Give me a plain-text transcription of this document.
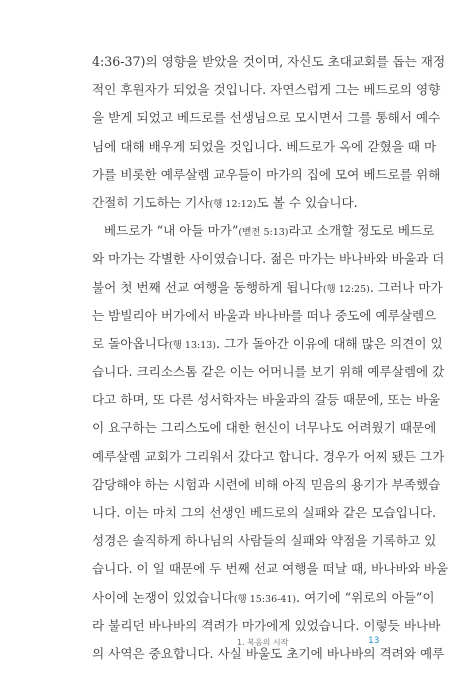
4:36-37)의 영향을 받았을 것이며, 자신도 초대교회를 돕는 재정
적인 후원자가 되었을 것입니다. 자연스럽게 그는 베드로의 영향
을 받게 되었고 베드로를 선생님으로 모시면서 그를 통해서 예수
님에 대해 배우게 되었을 것입니다. 베드로가 옥에 갇혔을 때 마
가를 비롯한 예루살렘 교우들이 마가의 집에 모여 베드로를 위해
간절히 기도하는 기사(행 12:12)도 볼 수 있습니다.
베드로가 “내 아들 마가”(벧전 5:13)라고 소개할 정도로 베드로
와 마가는 각별한 사이였습니다. 젊은 마가는 바나바와 바울과 더
불어 첫 번째 선교 여행을 동행하게 됩니다(행 12:25). 그러나 마가
는 밤빌리아 버가에서 바울과 바나바를 떠나 중도에 예루살렘으
로 돌아옵니다(행 13:13). 그가 돌아간 이유에 대해 많은 의견이 있
습니다. 크리소스톰 같은 이는 어머니를 보기 위해 예루살렘에 갔
다고 하며, 또 다른 성서학자는 바울과의 갈등 때문에, 또는 바울
이 요구하는 그리스도에 대한 헌신이 너무나도 어려웠기 때문에
예루살렘 교회가 그리워서 갔다고 합니다. 경우가 어찌 됐든 그가
감당해야 하는 시험과 시련에 비해 아직 믿음의 용기가 부족했습
니다. 이는 마치 그의 선생인 베드로의 실패와 같은 모습입니다.
성경은 솔직하게 하나님의 사람들의 실패와 약점을 기록하고 있
습니다. 이 일 때문에 두 번째 선교 여행을 떠날 때, 바나바와 바울
사이에 논쟁이 있었습니다(행 15:36-41). 여기에 “위로의 아들”이
라 불리던 바나바의 격려가 마가에게 있었습니다. 이렇듯 바나바
의 사역은 중요합니다. 사실 바울도 초기에 바나바의 격려와 예루
1. 복음의 시작	13
